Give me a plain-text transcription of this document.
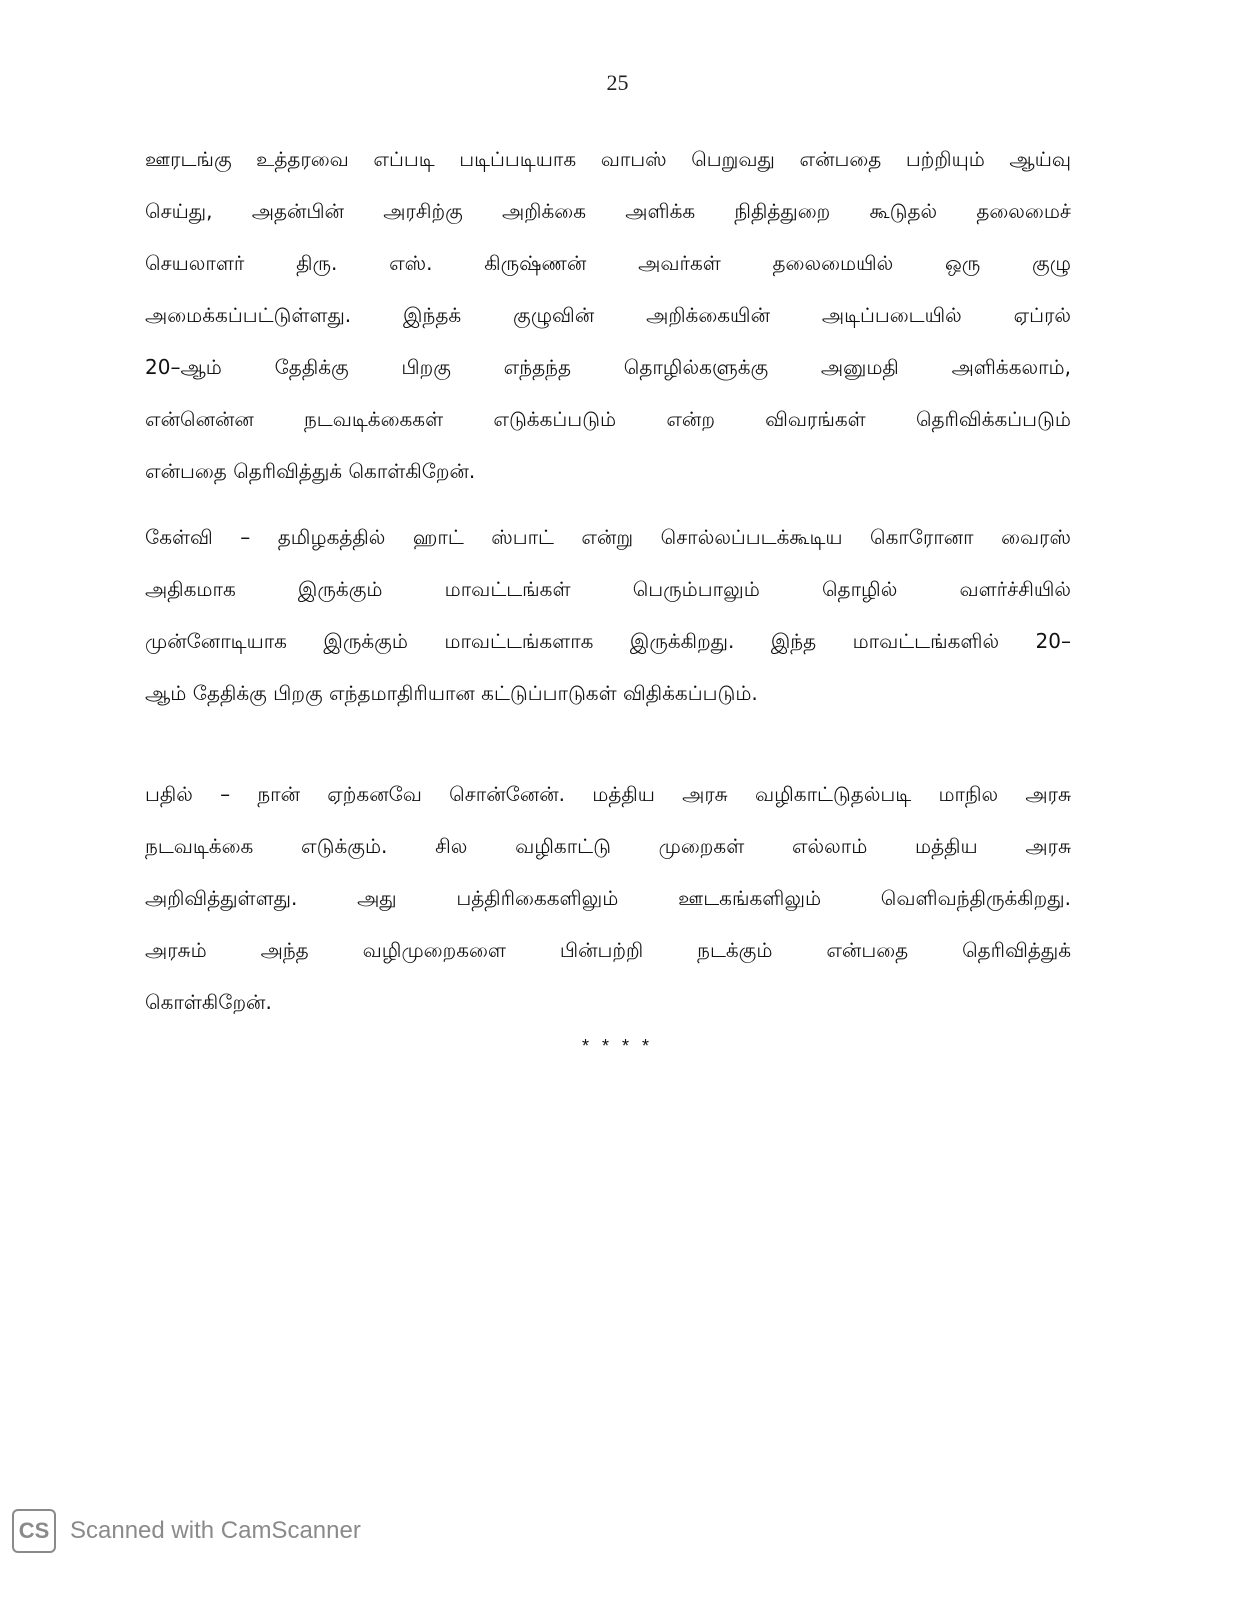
25
ஊரடங்கு உத்தரவை எப்படி படிப்படியாக வாபஸ் பெறுவது என்பதை பற்றியும் ஆய்வு
செய்து, அதன்பின் அரசிற்கு அறிக்கை அளிக்க நிதித்துறை கூடுதல் தலைமைச்
செயலாளர் திரு. எஸ். கிருஷ்ணன் அவர்கள் தலைமையில் ஒரு குழு
அமைக்கப்பட்டுள்ளது. இந்தக் குழுவின் அறிக்கையின் அடிப்படையில் ஏப்ரல்
20–ஆம் தேதிக்கு பிறகு எந்தந்த தொழில்களுக்கு அனுமதி அளிக்கலாம்,
என்னென்ன நடவடிக்கைகள் எடுக்கப்படும் என்ற விவரங்கள் தெரிவிக்கப்படும்
என்பதை தெரிவித்துக் கொள்கிறேன்.
கேள்வி – தமிழகத்தில் ஹாட் ஸ்பாட் என்று சொல்லப்படக்கூடிய கொரோனா வைரஸ்
அதிகமாக இருக்கும் மாவட்டங்கள் பெரும்பாலும் தொழில் வளர்ச்சியில்
முன்னோடியாக இருக்கும் மாவட்டங்களாக இருக்கிறது. இந்த மாவட்டங்களில் 20–
ஆம் தேதிக்கு பிறகு எந்தமாதிரியான கட்டுப்பாடுகள் விதிக்கப்படும்.
பதில் – நான் ஏற்கனவே சொன்னேன். மத்திய அரசு வழிகாட்டுதல்படி மாநில அரசு
நடவடிக்கை எடுக்கும். சில வழிகாட்டு முறைகள் எல்லாம் மத்திய அரசு
அறிவித்துள்ளது. அது பத்திரிகைகளிலும் ஊடகங்களிலும் வெளிவந்திருக்கிறது.
அரசும் அந்த வழிமுறைகளை பின்பற்றி நடக்கும் என்பதை தெரிவித்துக்
கொள்கிறேன்.
* * * *
CS Scanned with CamScanner
